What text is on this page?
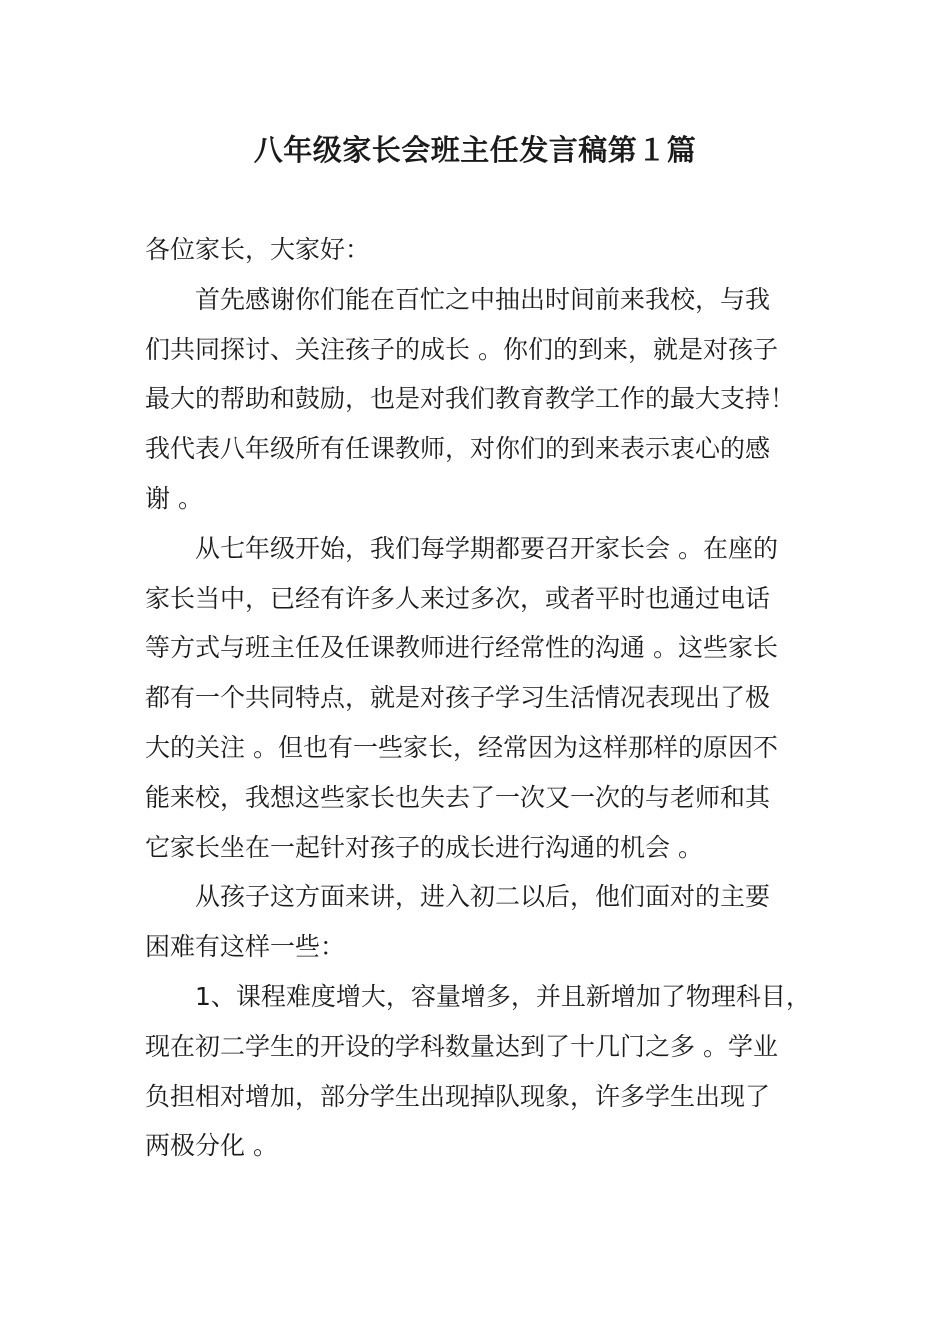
八年级家长会班主任发言稿第１篇
各位家长，大家好：
首先感谢你们能在百忙之中抽出时间前来我校，与我
们共同探讨、关注孩子的成长 。你们的到来，就是对孩子
最大的帮助和鼓励，也是对我们教育教学工作的最大支持！
我代表八年级所有任课教师，对你们的到来表示衷心的感
谢 。
从七年级开始，我们每学期都要召开家长会 。在座的
家长当中，已经有许多人来过多次，或者平时也通过电话
等方式与班主任及任课教师进行经常性的沟通 。这些家长
都有一个共同特点，就是对孩子学习生活情况表现出了极
大的关注 。但也有一些家长，经常因为这样那样的原因不
能来校，我想这些家长也失去了一次又一次的与老师和其
它家长坐在一起针对孩子的成长进行沟通的机会 。
从孩子这方面来讲，进入初二以后，他们面对的主要
困难有这样一些：
1、课程难度增大，容量增多，并且新增加了物理科目，
现在初二学生的开设的学科数量达到了十几门之多 。学业
负担相对增加，部分学生出现掉队现象，许多学生出现了
两极分化 。
